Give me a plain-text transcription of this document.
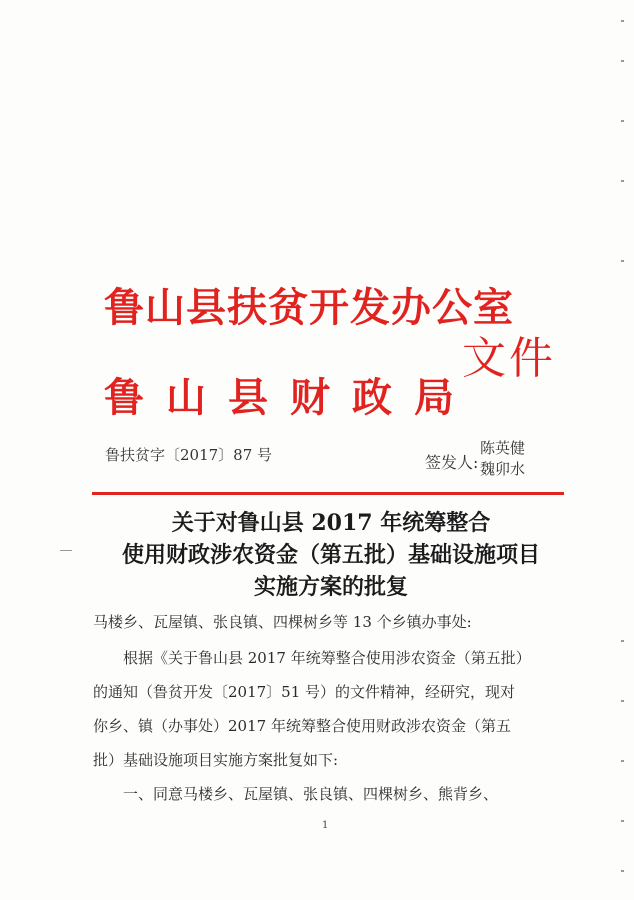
鲁山县扶贫开发办公室
鲁山县财政局
文件
鲁扶贫字〔2017〕87 号	签发人:
陈英健
魏卯水
关于对鲁山县 2017 年统筹整合
使用财政涉农资金（第五批）基础设施项目
实施方案的批复
马楼乡、瓦屋镇、张良镇、四棵树乡等 13 个乡镇办事处:
根据《关于鲁山县 2017 年统筹整合使用涉农资金（第五批）
的通知（鲁贫开发〔2017〕51 号）的文件精神，经研究，现对
你乡、镇（办事处）2017 年统筹整合使用财政涉农资金（第五
批）基础设施项目实施方案批复如下:
一、同意马楼乡、瓦屋镇、张良镇、四棵树乡、熊背乡、
1
